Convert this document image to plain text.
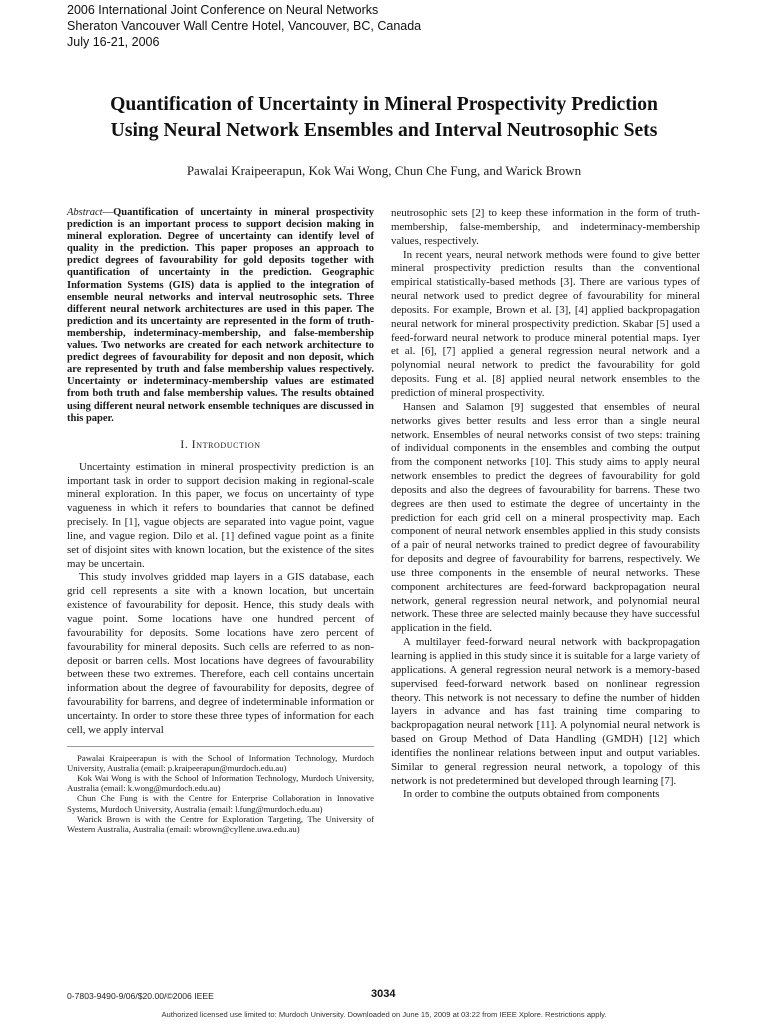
2006 International Joint Conference on Neural Networks
Sheraton Vancouver Wall Centre Hotel, Vancouver, BC, Canada
July 16-21, 2006
Quantification of Uncertainty in Mineral Prospectivity Prediction
Using Neural Network Ensembles and Interval Neutrosophic Sets
Pawalai Kraipeerapun, Kok Wai Wong, Chun Che Fung, and Warick Brown

Abstract—Quantification of uncertainty in mineral prospectivity prediction is an important process to support decision making in mineral exploration. Degree of uncertainty can identify level of quality in the prediction. This paper proposes an approach to predict degrees of favourability for gold deposits together with quantification of uncertainty in the prediction. Geographic Information Systems (GIS) data is applied to the integration of ensemble neural networks and interval neutrosophic sets. Three different neural network architectures are used in this paper. The prediction and its uncertainty are represented in the form of truth-membership, indeterminacy-membership, and false-membership values. Two networks are created for each network architecture to predict degrees of favourability for deposit and non deposit, which are represented by truth and false membership values respectively. Uncertainty or indeterminacy-membership values are estimated from both truth and false membership values. The results obtained using different neural network ensemble techniques are discussed in this paper.

I. Introduction

Uncertainty estimation in mineral prospectivity prediction is an important task in order to support decision making in regional-scale mineral exploration. In this paper, we focus on uncertainty of type vagueness in which it refers to boundaries that cannot be defined precisely. In [1], vague objects are separated into vague point, vague line, and vague region. Dilo et al. [1] defined vague point as a finite set of disjoint sites with known location, but the existence of the sites may be uncertain.

This study involves gridded map layers in a GIS database, each grid cell represents a site with a known location, but uncertain existence of favourability for deposit. Hence, this study deals with vague point. Some locations have one hundred percent of favourability for deposits. Some locations have zero percent of favourability for mineral deposits. Such cells are referred to as non-deposit or barren cells. Most locations have degrees of favourability between these two extremes. Therefore, each cell contains uncertain information about the degree of favourability for deposits, degree of favourability for barrens, and degree of indeterminable information or uncertainty. In order to store these three types of information for each cell, we apply interval

Pawalai Kraipeerapun is with the School of Information Technology, Murdoch University, Australia (email: p.kraipeerapun@murdoch.edu.au)

Kok Wai Wong is with the School of Information Technology, Murdoch University, Australia (email: k.wong@murdoch.edu.au)

Chun Che Fung is with the Centre for Enterprise Collaboration in Innovative Systems, Murdoch University, Australia (email: l.fung@murdoch.edu.au)

Warick Brown is with the Centre for Exploration Targeting, The University of Western Australia, Australia (email: wbrown@cyllene.uwa.edu.au)

neutrosophic sets [2] to keep these information in the form of truth-membership, false-membership, and indeterminacy-membership values, respectively.

In recent years, neural network methods were found to give better mineral prospectivity prediction results than the conventional empirical statistically-based methods [3]. There are various types of neural network used to predict degree of favourability for mineral deposits. For example, Brown et al. [3], [4] applied backpropagation neural network for mineral prospectivity prediction. Skabar [5] used a feed-forward neural network to produce mineral potential maps. Iyer et al. [6], [7] applied a general regression neural network and a polynomial neural network to predict the favourability for gold deposits. Fung et al. [8] applied neural network ensembles to the prediction of mineral prospectivity.

Hansen and Salamon [9] suggested that ensembles of neural networks gives better results and less error than a single neural network. Ensembles of neural networks consist of two steps: training of individual components in the ensembles and combing the output from the component networks [10]. This study aims to apply neural network ensembles to predict the degrees of favourability for gold deposits and also the degrees of favourability for barrens. These two degrees are then used to estimate the degree of uncertainty in the prediction for each grid cell on a mineral prospectivity map. Each component of neural network ensembles applied in this study consists of a pair of neural networks trained to predict degree of favourability for deposits and degree of favourability for barrens, respectively. We use three components in the ensemble of neural networks. These component architectures are feed-forward backpropagation neural network, general regression neural network, and polynomial neural network. These three are selected mainly because they have successful application in the field.

A multilayer feed-forward neural network with backpropagation learning is applied in this study since it is suitable for a large variety of applications. A general regression neural network is a memory-based supervised feed-forward network based on nonlinear regression theory. This network is not necessary to define the number of hidden layers in advance and has fast training time comparing to backpropagation neural network [11]. A polynomial neural network is based on Group Method of Data Handling (GMDH) [12] which identifies the nonlinear relations between input and output variables. Similar to general regression neural network, a topology of this network is not predetermined but developed through learning [7].

In order to combine the outputs obtained from components

0-7803-9490-9/06/$20.00/©2006 IEEE	3034
Authorized licensed use limited to: Murdoch University. Downloaded on June 15, 2009 at 03:22 from IEEE Xplore. Restrictions apply.
